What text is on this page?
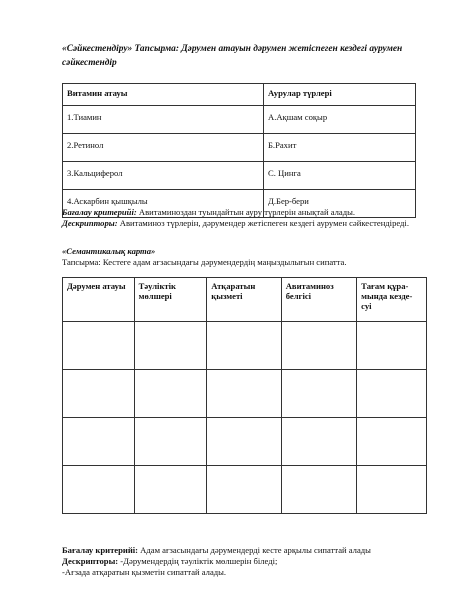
«Сәйкестендіру» Тапсырма: Дәрумен атауын дәрумен жетіспеген кездегі аурумен сәйкестендір
Витамин атауы	Аурулар түрлері
1.Тиамин	А.Ақшам соқыр
2.Ретинол	Б.Рахит
3.Кальциферол	С. Цинга
4.Аскарбин қышқылы	Д.Бер-бери
Бағалау критерийі: Авитаминоздан туындайтын ауру түрлерін анықтай алады.
Дескрипторы: Авитаминоз түрлерін, дәрумендер жетіспеген кездегі аурумен сәйкестендіреді.
«Семантикалық карта»
Тапсырма: Кестеге адам ағзасындағы дәрумендердің маңыздылығын сипатта.
Дәрумен атауы	Тәуліктік мөлшері	Атқаратын қызметі	Авитаминоз белгісі	Тағам құра-мында кезде-суі

Бағалау критерийі: Адам ағзасындағы дәрумендерді кесте арқылы сипаттай алады
Дескрипторы: -Дәрумендердің тәуліктік мөлшерін біледі;
-Ағзада атқаратын қызметін сипаттай алады.
